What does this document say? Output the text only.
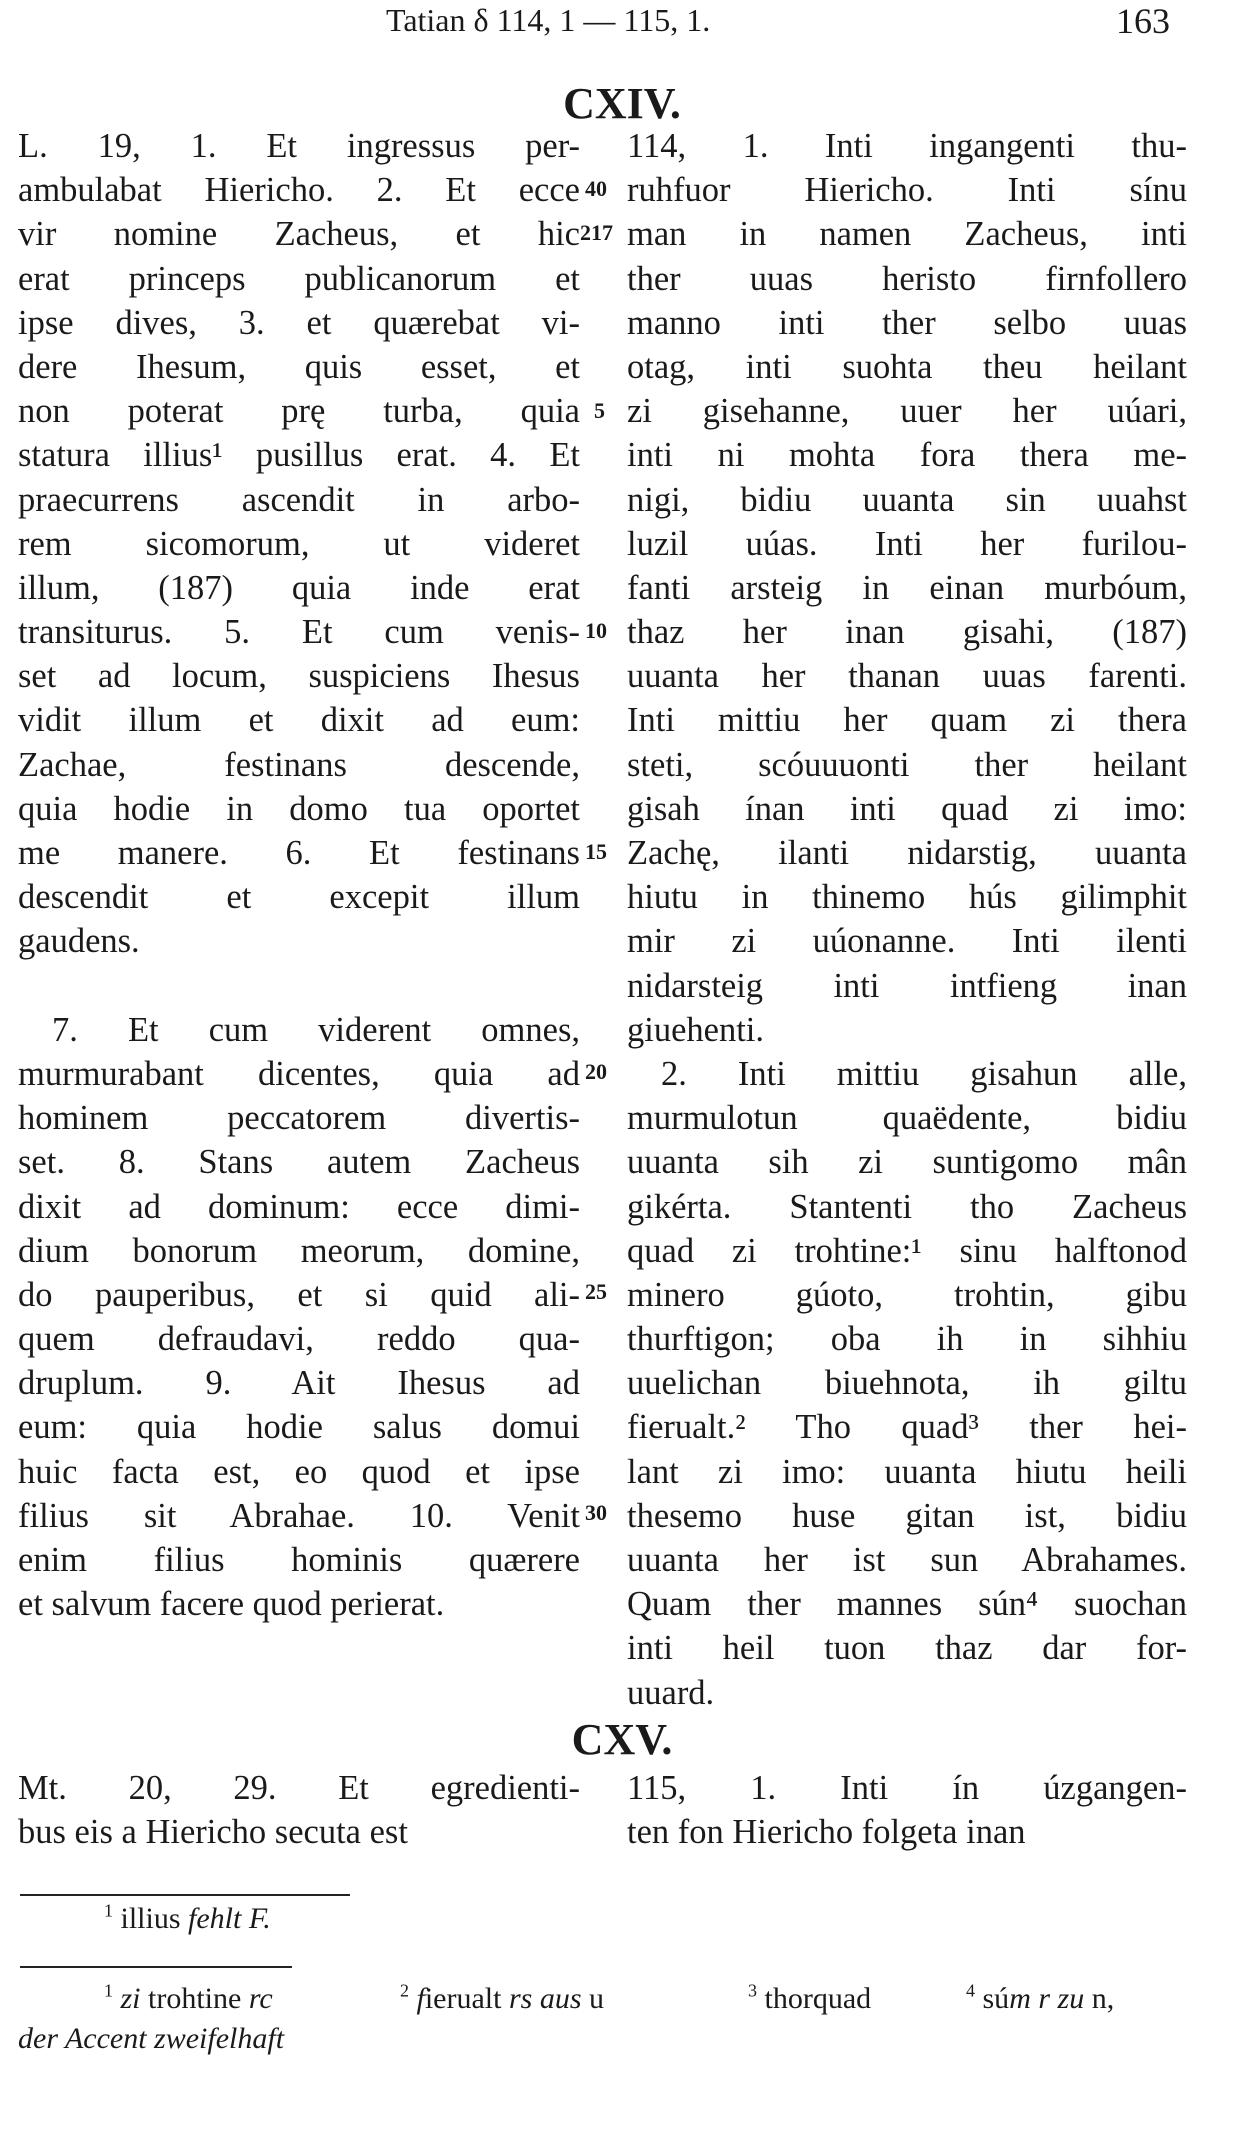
Tatian δ 114, 1 — 115, 1.	163
CXIV.
L. 19, 1. Et ingressus per-
ambulabat Hiericho. 2. Et ecce
vir nomine Zacheus, et hic
erat princeps publicanorum et
ipse dives, 3. et quærebat vi-
dere Ihesum, quis esset, et
non poterat prę turba, quia
statura illius¹ pusillus erat. 4. Et
praecurrens ascendit in arbo-
rem sicomorum, ut videret
illum, (187) quia inde erat
transiturus. 5. Et cum venis-
set ad locum, suspiciens Ihesus
vidit illum et dixit ad eum:
Zachae, festinans descende,
quia hodie in domo tua oportet
me manere. 6. Et festinans
descendit et excepit illum
gaudens.

7. Et cum viderent omnes,
murmurabant dicentes, quia ad
hominem peccatorem divertis-
set. 8. Stans autem Zacheus
dixit ad dominum: ecce dimi-
dium bonorum meorum, domine,
do pauperibus, et si quid ali-
quem defraudavi, reddo qua-
druplum. 9. Ait Ihesus ad
eum: quia hodie salus domui
huic facta est, eo quod et ipse
filius sit Abrahae. 10. Venit
enim filius hominis quærere
et salvum facere quod perierat.
114, 1. Inti ingangenti thu-
ruhfuor Hiericho. Inti sínu
man in namen Zacheus, inti
ther uuas heristo firnfollero
manno inti ther selbo uuas
otag, inti suohta theu heilant
zi gisehanne, uuer her uúari,
inti ni mohta fora thera me-
nigi, bidiu uuanta sin uuahst
luzil uúas. Inti her furilou-
fanti arsteig in einan murbóum,
thaz her inan gisahi, (187)
uuanta her thanan uuas farenti.
Inti mittiu her quam zi thera
steti, scóuuuonti ther heilant
gisah ínan inti quad zi imo:
Zachę, ilanti nidarstig, uuanta
hiutu in thinemo hús gilimphit
mir zi uúonanne. Inti ilenti
nidarsteig inti intfieng inan
giuehenti.
2. Inti mittiu gisahun alle,
murmulotun quaëdente, bidiu
uuanta sih zi suntigomo mân
gikérta. Stantenti tho Zacheus
quad zi trohtine:¹ sinu halftonod
minero gúoto, trohtin, gibu
thurftigon; oba ih in sihhiu
uuelichan biuehnota, ih giltu
fierualt.² Tho quad³ ther hei-
lant zi imo: uuanta hiutu heili
thesemo huse gitan ist, bidiu
uuanta her ist sun Abrahames.
Quam ther mannes sún⁴ suochan
inti heil tuon thaz dar for-
uuard.
40
217
5
10
15
20
25
30
CXV.
Mt. 20, 29. Et egredienti-
bus eis a Hiericho secuta est
115, 1. Inti ín úzgangen-
ten fon Hiericho folgeta inan
$^1$ illius fehlt F.
$^1$ zi trohtine rc	$^2$ fierualt rs aus u	$^3$ thorquad	$^4$ súm r zu n,
der Accent zweifelhaft
